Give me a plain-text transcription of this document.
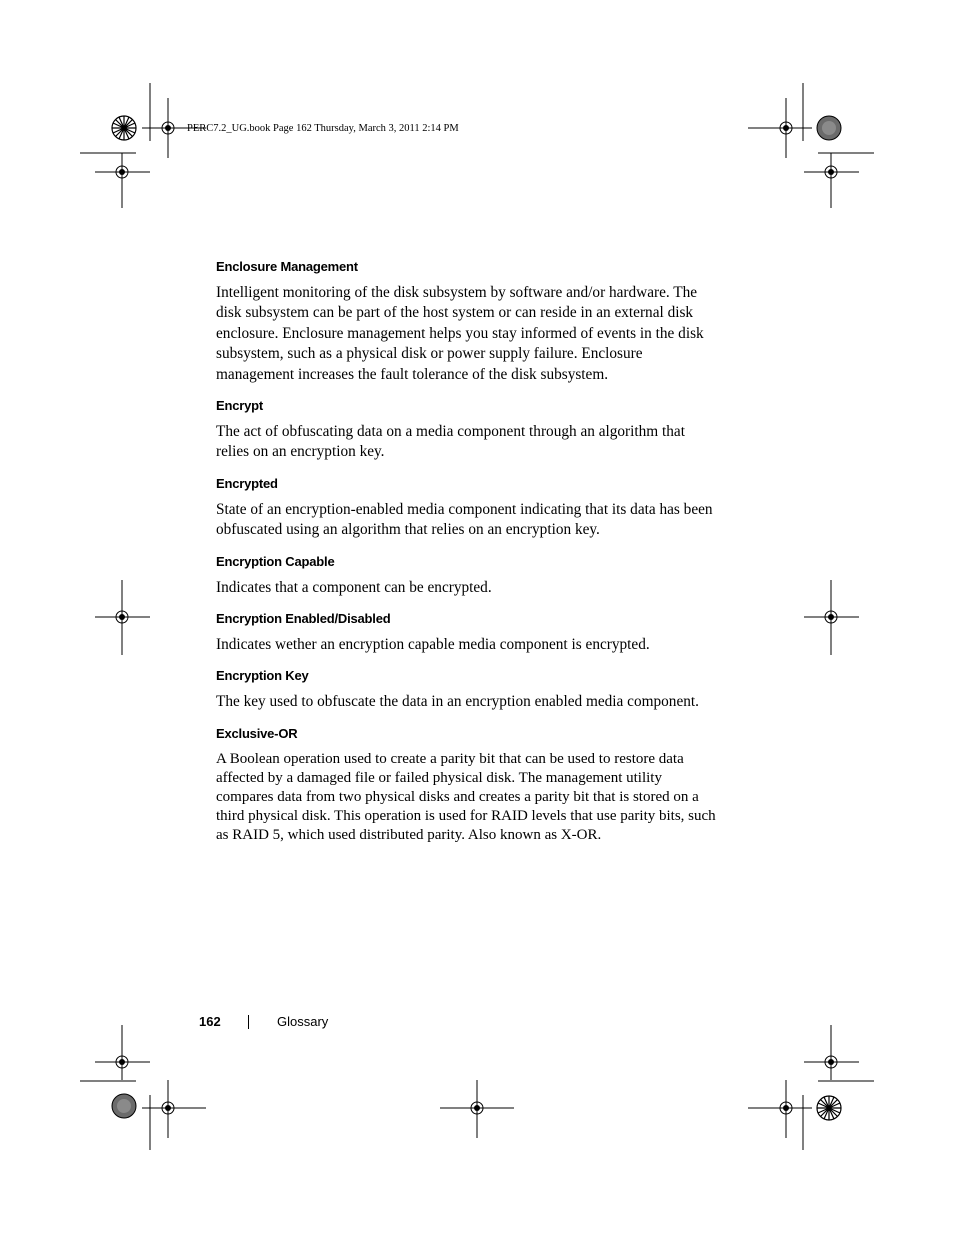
PERC7.2_UG.book Page 162 Thursday, March 3, 2011 2:14 PM
Enclosure Management

Intelligent monitoring of the disk subsystem by software and/or hardware. The disk subsystem can be part of the host system or can reside in an external disk enclosure. Enclosure management helps you stay informed of events in the disk subsystem, such as a physical disk or power supply failure. Enclosure management increases the fault tolerance of the disk subsystem.

Encrypt

The act of obfuscating data on a media component through an algorithm that relies on an encryption key.

Encrypted

State of an encryption-enabled media component indicating that its data has been obfuscated using an algorithm that relies on an encryption key.

Encryption Capable

Indicates that a component can be encrypted.

Encryption Enabled/Disabled

Indicates wether an encryption capable media component is encrypted.

Encryption Key

The key used to obfuscate the data in an encryption enabled media component.

Exclusive-OR

A Boolean operation used to create a parity bit that can be used to restore data affected by a damaged file or failed physical disk. The management utility compares data from two physical disks and creates a parity bit that is stored on a third physical disk. This operation is used for RAID levels that use parity bits, such as RAID 5, which used distributed parity. Also known as X-OR.

162	Glossary
